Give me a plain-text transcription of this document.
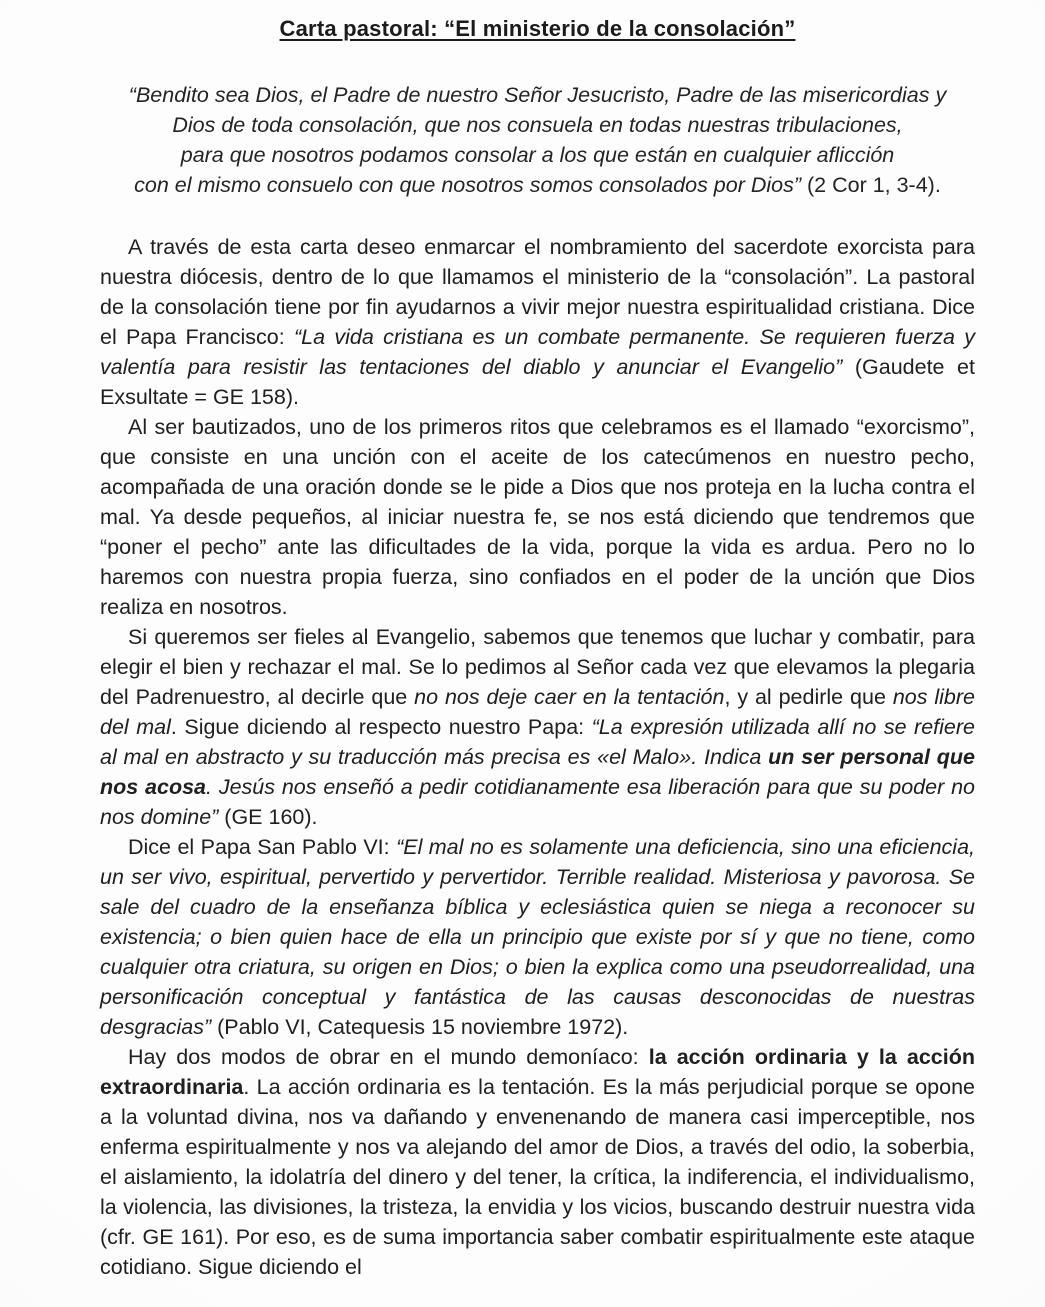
Carta pastoral: “El ministerio de la consolación”
“Bendito sea Dios, el Padre de nuestro Señor Jesucristo, Padre de las misericordias y
Dios de toda consolación, que nos consuela en todas nuestras tribulaciones,
para que nosotros podamos consolar a los que están en cualquier aflicción
con el mismo consuelo con que nosotros somos consolados por Dios” (2 Cor 1, 3-4).

A través de esta carta deseo enmarcar el nombramiento del sacerdote exorcista para nuestra diócesis, dentro de lo que llamamos el ministerio de la “consolación”. La pastoral de la consolación tiene por fin ayudarnos a vivir mejor nuestra espiritualidad cristiana. Dice el Papa Francisco: “La vida cristiana es un combate permanente. Se requieren fuerza y valentía para resistir las tentaciones del diablo y anunciar el Evangelio” (Gaudete et Exsultate = GE 158).

Al ser bautizados, uno de los primeros ritos que celebramos es el llamado “exorcismo”, que consiste en una unción con el aceite de los catecúmenos en nuestro pecho, acompañada de una oración donde se le pide a Dios que nos proteja en la lucha contra el mal. Ya desde pequeños, al iniciar nuestra fe, se nos está diciendo que tendremos que “poner el pecho” ante las dificultades de la vida, porque la vida es ardua. Pero no lo haremos con nuestra propia fuerza, sino confiados en el poder de la unción que Dios realiza en nosotros.

Si queremos ser fieles al Evangelio, sabemos que tenemos que luchar y combatir, para elegir el bien y rechazar el mal. Se lo pedimos al Señor cada vez que elevamos la plegaria del Padrenuestro, al decirle que no nos deje caer en la tentación, y al pedirle que nos libre del mal. Sigue diciendo al respecto nuestro Papa: “La expresión utilizada allí no se refiere al mal en abstracto y su traducción más precisa es «el Malo». Indica un ser personal que nos acosa. Jesús nos enseñó a pedir cotidianamente esa liberación para que su poder no nos domine” (GE 160).

Dice el Papa San Pablo VI: “El mal no es solamente una deficiencia, sino una eficiencia, un ser vivo, espiritual, pervertido y pervertidor. Terrible realidad. Misteriosa y pavorosa. Se sale del cuadro de la enseñanza bíblica y eclesiástica quien se niega a reconocer su existencia; o bien quien hace de ella un principio que existe por sí y que no tiene, como cualquier otra criatura, su origen en Dios; o bien la explica como una pseudorrealidad, una personificación conceptual y fantástica de las causas desconocidas de nuestras desgracias” (Pablo VI, Catequesis 15 noviembre 1972).

Hay dos modos de obrar en el mundo demoníaco: la acción ordinaria y la acción extraordinaria. La acción ordinaria es la tentación. Es la más perjudicial porque se opone a la voluntad divina, nos va dañando y envenenando de manera casi imperceptible, nos enferma espiritualmente y nos va alejando del amor de Dios, a través del odio, la soberbia, el aislamiento, la idolatría del dinero y del tener, la crítica, la indiferencia, el individualismo, la violencia, las divisiones, la tristeza, la envidia y los vicios, buscando destruir nuestra vida (cfr. GE 161). Por eso, es de suma importancia saber combatir espiritualmente este ataque cotidiano. Sigue diciendo el
